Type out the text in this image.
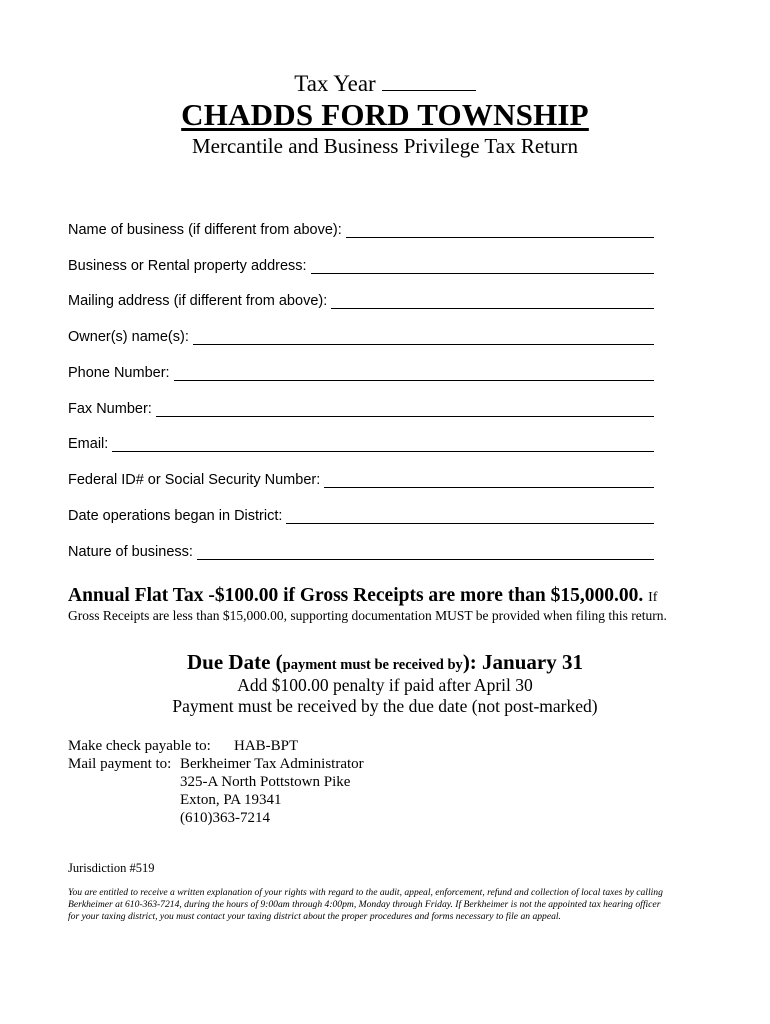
Tax Year
CHADDS FORD TOWNSHIP
Mercantile and Business Privilege Tax Return
Name of business (if different from above):
Business or Rental property address:
Mailing address (if different from above):
Owner(s) name(s):
Phone Number:
Fax Number:
Email:
Federal ID# or Social Security Number:
Date operations began in District:
Nature of business:
Annual Flat Tax -$100.00 if Gross Receipts are more than $15,000.00. If
Gross Receipts are less than $15,000.00, supporting documentation MUST be provided when filing this return.
Due Date (payment must be received by): January 31
Add $100.00 penalty if paid after April 30
Payment must be received by the due date (not post-marked)
Make check payable to: HAB-BPT
Mail payment to: Berkheimer Tax Administrator
325-A North Pottstown Pike
Exton, PA 19341
(610)363-7214
Jurisdiction #519
You are entitled to receive a written explanation of your rights with regard to the audit, appeal, enforcement, refund and collection of local taxes by calling
Berkheimer at 610-363-7214, during the hours of 9:00am through 4:00pm, Monday through Friday. If Berkheimer is not the appointed tax hearing officer
for your taxing district, you must contact your taxing district about the proper procedures and forms necessary to file an appeal.
